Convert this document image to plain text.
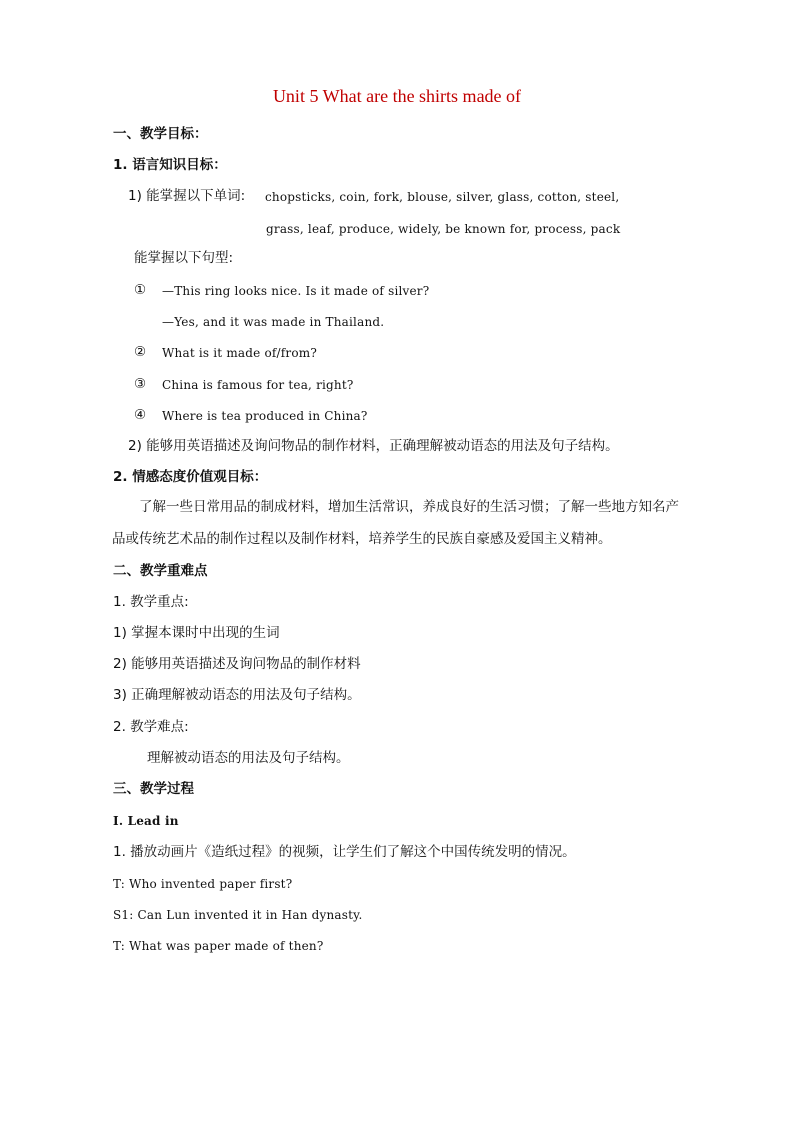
Unit 5 What are the shirts made of
一、教学目标：
1. 语言知识目标：
1) 能掌握以下单词: chopsticks, coin, fork, blouse, silver, glass, cotton, steel,
grass, leaf, produce, widely, be known for, process, pack
能掌握以下句型:
① —This ring looks nice. Is it made of silver?
—Yes, and it was made in Thailand.
② What is it made of/from?
③ China is famous for tea, right?
④ Where is tea produced in China?
2) 能够用英语描述及询问物品的制作材料，正确理解被动语态的用法及句子结构。
2. 情感态度价值观目标：
了解一些日常用品的制成材料，增加生活常识，养成良好的生活习惯；了解一些地方知名产品或传统艺术品的制作过程以及制作材料，培养学生的民族自豪感及爱国主义精神。
二、教学重难点
1. 教学重点:
1) 掌握本课时中出现的生词
2) 能够用英语描述及询问物品的制作材料
3) 正确理解被动语态的用法及句子结构。
2. 教学难点:
理解被动语态的用法及句子结构。
三、教学过程
Ⅰ. Lead in
1. 播放动画片《造纸过程》的视频，让学生们了解这个中国传统发明的情况。
T: Who invented paper first?
S1: Can Lun invented it in Han dynasty.
T: What was paper made of then?
